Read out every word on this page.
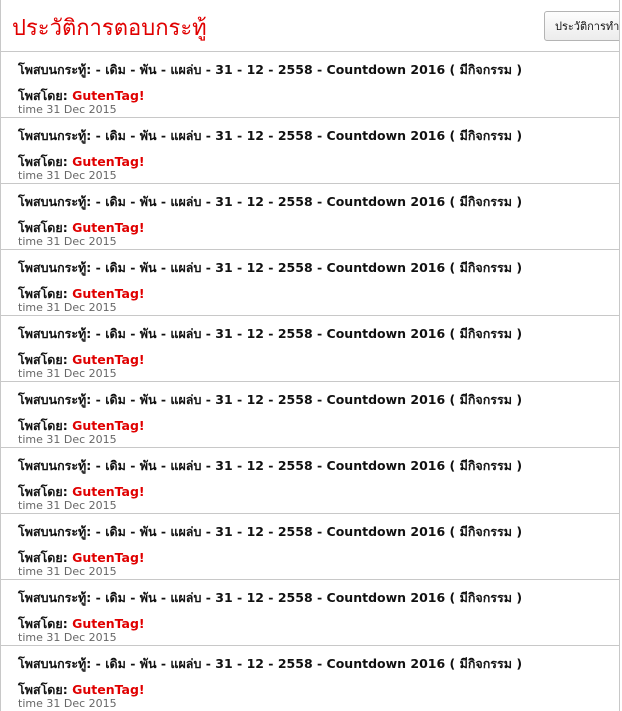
ประวัติการตอบกระทู้	ประวัติการทำ
โพสบนกระทู้: - เดิม - พัน - แผล่บ - 31 - 12 - 2558 - Countdown 2016 ( มีกิจกรรม )
โพสโดย: GutenTag!
time 31 Dec 2015
โพสบนกระทู้: - เดิม - พัน - แผล่บ - 31 - 12 - 2558 - Countdown 2016 ( มีกิจกรรม )
โพสโดย: GutenTag!
time 31 Dec 2015
โพสบนกระทู้: - เดิม - พัน - แผล่บ - 31 - 12 - 2558 - Countdown 2016 ( มีกิจกรรม )
โพสโดย: GutenTag!
time 31 Dec 2015
โพสบนกระทู้: - เดิม - พัน - แผล่บ - 31 - 12 - 2558 - Countdown 2016 ( มีกิจกรรม )
โพสโดย: GutenTag!
time 31 Dec 2015
โพสบนกระทู้: - เดิม - พัน - แผล่บ - 31 - 12 - 2558 - Countdown 2016 ( มีกิจกรรม )
โพสโดย: GutenTag!
time 31 Dec 2015
โพสบนกระทู้: - เดิม - พัน - แผล่บ - 31 - 12 - 2558 - Countdown 2016 ( มีกิจกรรม )
โพสโดย: GutenTag!
time 31 Dec 2015
โพสบนกระทู้: - เดิม - พัน - แผล่บ - 31 - 12 - 2558 - Countdown 2016 ( มีกิจกรรม )
โพสโดย: GutenTag!
time 31 Dec 2015
โพสบนกระทู้: - เดิม - พัน - แผล่บ - 31 - 12 - 2558 - Countdown 2016 ( มีกิจกรรม )
โพสโดย: GutenTag!
time 31 Dec 2015
โพสบนกระทู้: - เดิม - พัน - แผล่บ - 31 - 12 - 2558 - Countdown 2016 ( มีกิจกรรม )
โพสโดย: GutenTag!
time 31 Dec 2015
โพสบนกระทู้: - เดิม - พัน - แผล่บ - 31 - 12 - 2558 - Countdown 2016 ( มีกิจกรรม )
โพสโดย: GutenTag!
time 31 Dec 2015
